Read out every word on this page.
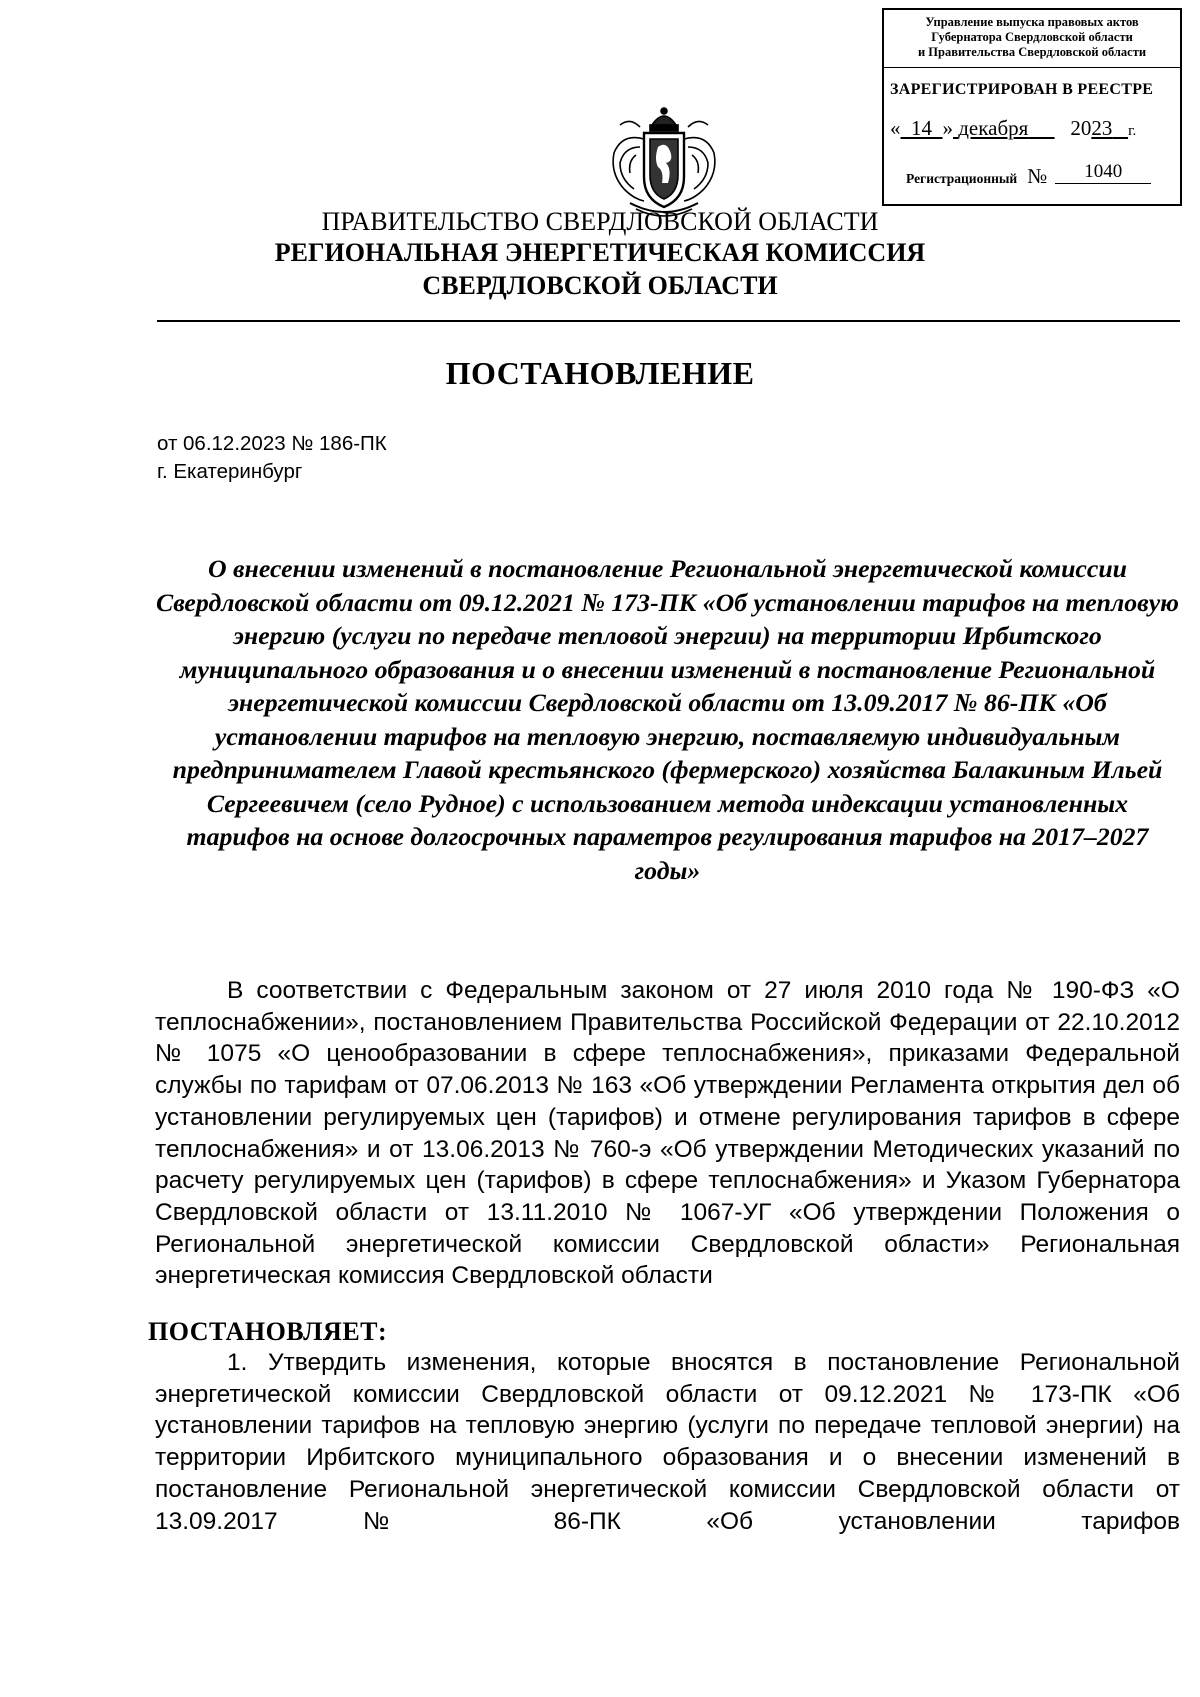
Управление выпуска правовых актов
Губернатора Свердловской области
и Правительства Свердловской области
ЗАРЕГИСТРИРОВАН В РЕЕСТРЕ
« 14 » декабря 2023 г.
Регистрационный № 1040
ПРАВИТЕЛЬСТВО СВЕРДЛОВСКОЙ ОБЛАСТИ
РЕГИОНАЛЬНАЯ ЭНЕРГЕТИЧЕСКАЯ КОМИССИЯ
СВЕРДЛОВСКОЙ ОБЛАСТИ
ПОСТАНОВЛЕНИЕ
от 06.12.2023 № 186-ПК
г. Екатеринбург
О внесении изменений в постановление Региональной энергетической комиссии Свердловской области от 09.12.2021 № 173-ПК «Об установлении тарифов на тепловую энергию (услуги по передаче тепловой энергии) на территории Ирбитского муниципального образования и о внесении изменений в постановление Региональной энергетической комиссии Свердловской области от 13.09.2017 № 86-ПК «Об установлении тарифов на тепловую энергию, поставляемую индивидуальным предпринимателем Главой крестьянского (фермерского) хозяйства Балакиным Ильей Сергеевичем (село Рудное) с использованием метода индексации установленных тарифов на основе долгосрочных параметров регулирования тарифов на 2017–2027 годы»
В соответствии с Федеральным законом от 27 июля 2010 года № 190-ФЗ «О теплоснабжении», постановлением Правительства Российской Федерации от 22.10.2012 № 1075 «О ценообразовании в сфере теплоснабжения», приказами Федеральной службы по тарифам от 07.06.2013 № 163 «Об утверждении Регламента открытия дел об установлении регулируемых цен (тарифов) и отмене регулирования тарифов в сфере теплоснабжения» и от 13.06.2013 № 760-э «Об утверждении Методических указаний по расчету регулируемых цен (тарифов) в сфере теплоснабжения» и Указом Губернатора Свердловской области от 13.11.2010 № 1067-УГ «Об утверждении Положения о Региональной энергетической комиссии Свердловской области» Региональная энергетическая комиссия Свердловской области
ПОСТАНОВЛЯЕТ:
1. Утвердить изменения, которые вносятся в постановление Региональной энергетической комиссии Свердловской области от 09.12.2021 № 173-ПК «Об установлении тарифов на тепловую энергию (услуги по передаче тепловой энергии) на территории Ирбитского муниципального образования и о внесении изменений в постановление Региональной энергетической комиссии Свердловской области от 13.09.2017 № 86-ПК «Об установлении тарифов
